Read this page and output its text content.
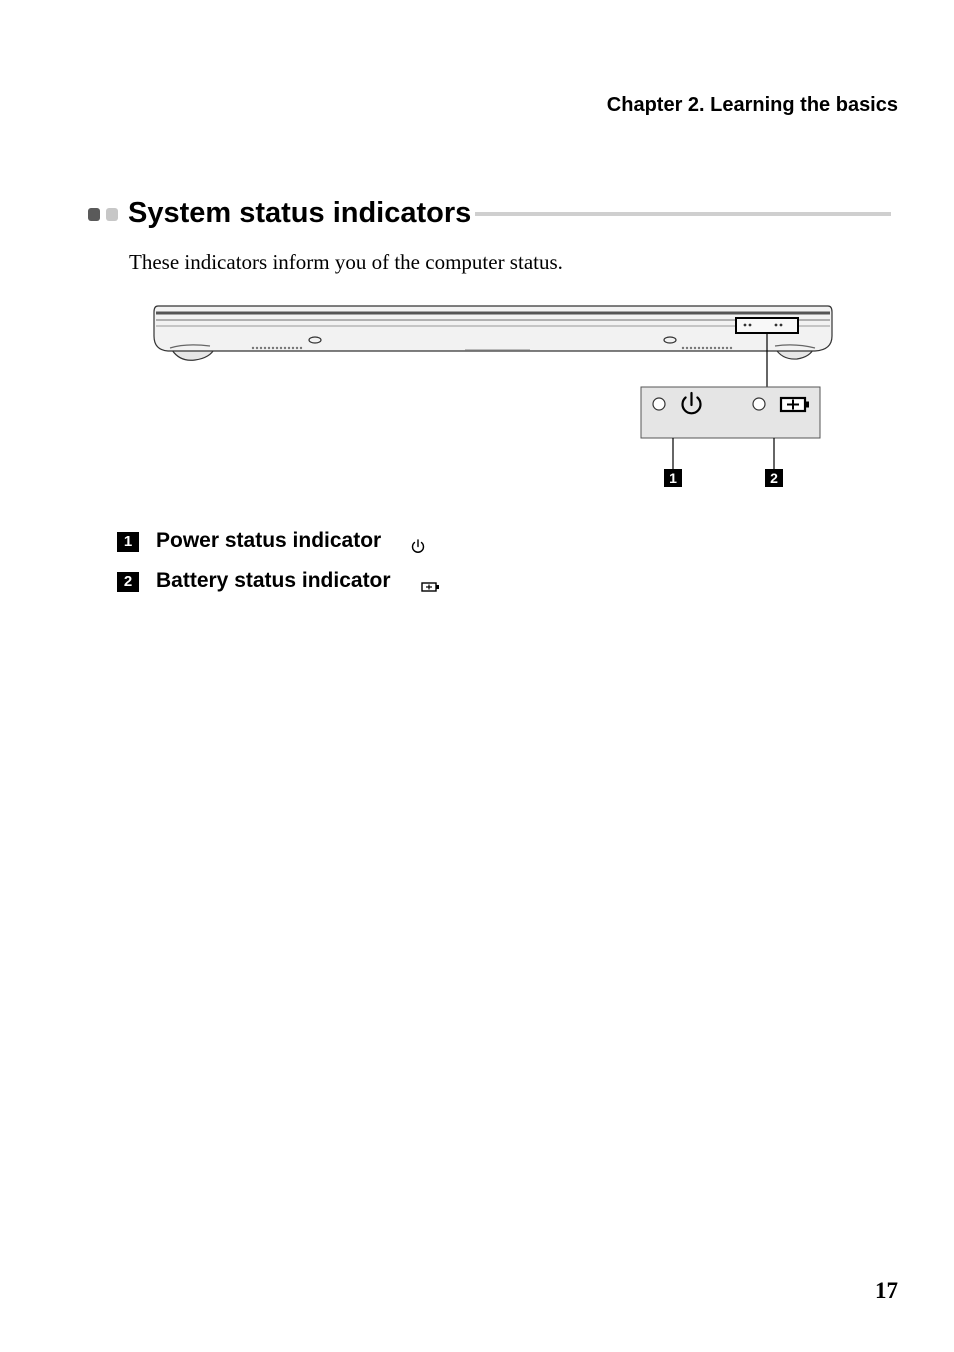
Chapter 2. Learning the basics
System status indicators
These indicators inform you of the computer status.
1	2
1	Power status indicator
2	Battery status indicator
17
